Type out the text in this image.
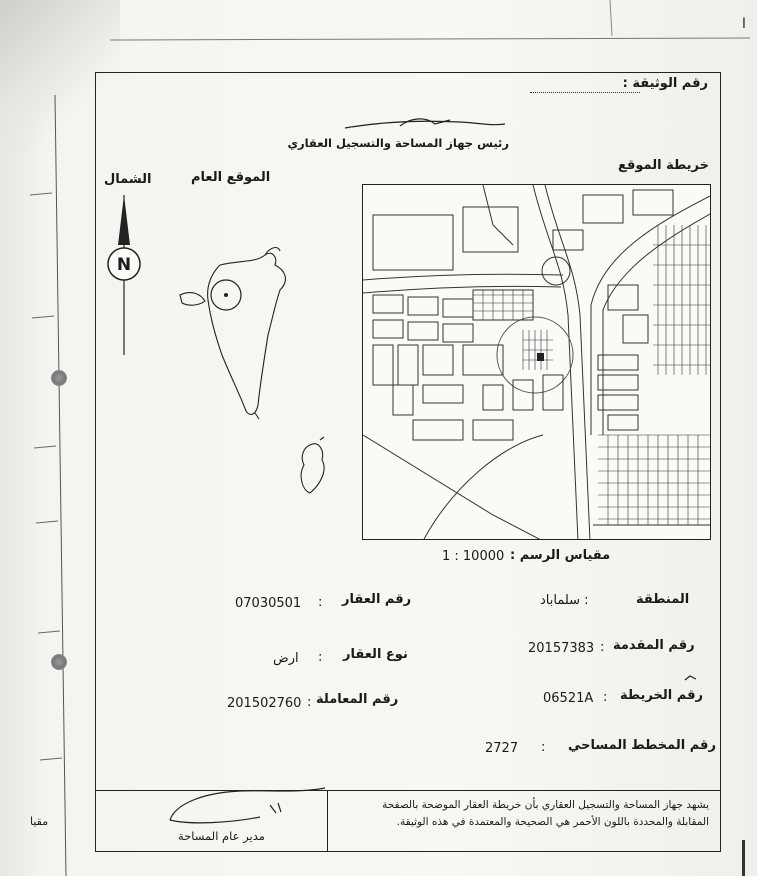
مقيا
ا
رقم الوثيقة :
رئيس جهاز المساحة والتسجيل العقاري
خريطة الموقع
الموقع العام
الشمال
N
مقياس الرسم :
1 : 10000
المنطقة
: سلماباد
رقم العقار
:
07030501
رقم المقدمة
:
20157383
نوع العقار
:
ارض
رقم الخريطة
:
06521A
رقم المعاملة
:
201502760
رقم المخطط المساحي
:
2727
يشهد جهاز المساحة والتسجيل العقاري بأن خريطة العقار الموضحة بالصفحة
المقابلة والمحددة باللون الأحمر هي الصحيحة والمعتمدة في هذه الوثيقة.
مدير عام المساحة
